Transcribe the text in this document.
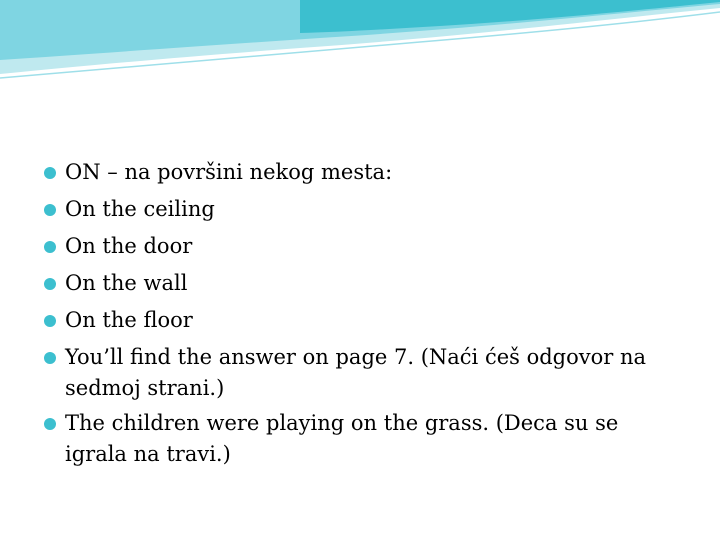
ON – na površini nekog mesta:
On the ceiling
On the door
On the wall
On the floor
You’ll find the answer on page 7. (Naći ćeš odgovor na sedmoj strani.)
The children were playing on the grass. (Deca su se igrala na travi.)
